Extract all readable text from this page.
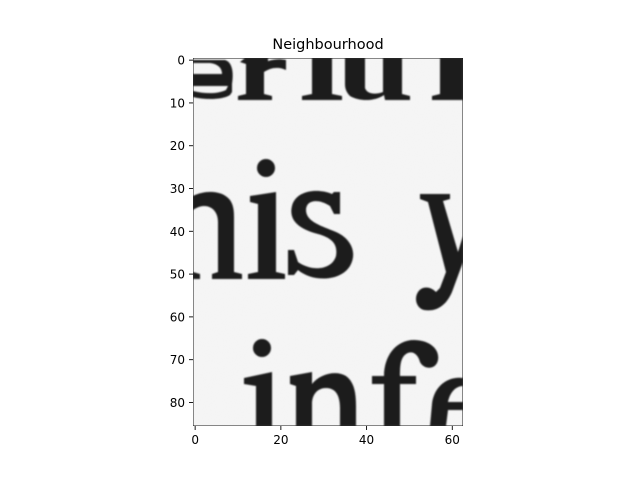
Neighbourhood
0	20	40	60
0
10
20
30
40
50
60
70
80
